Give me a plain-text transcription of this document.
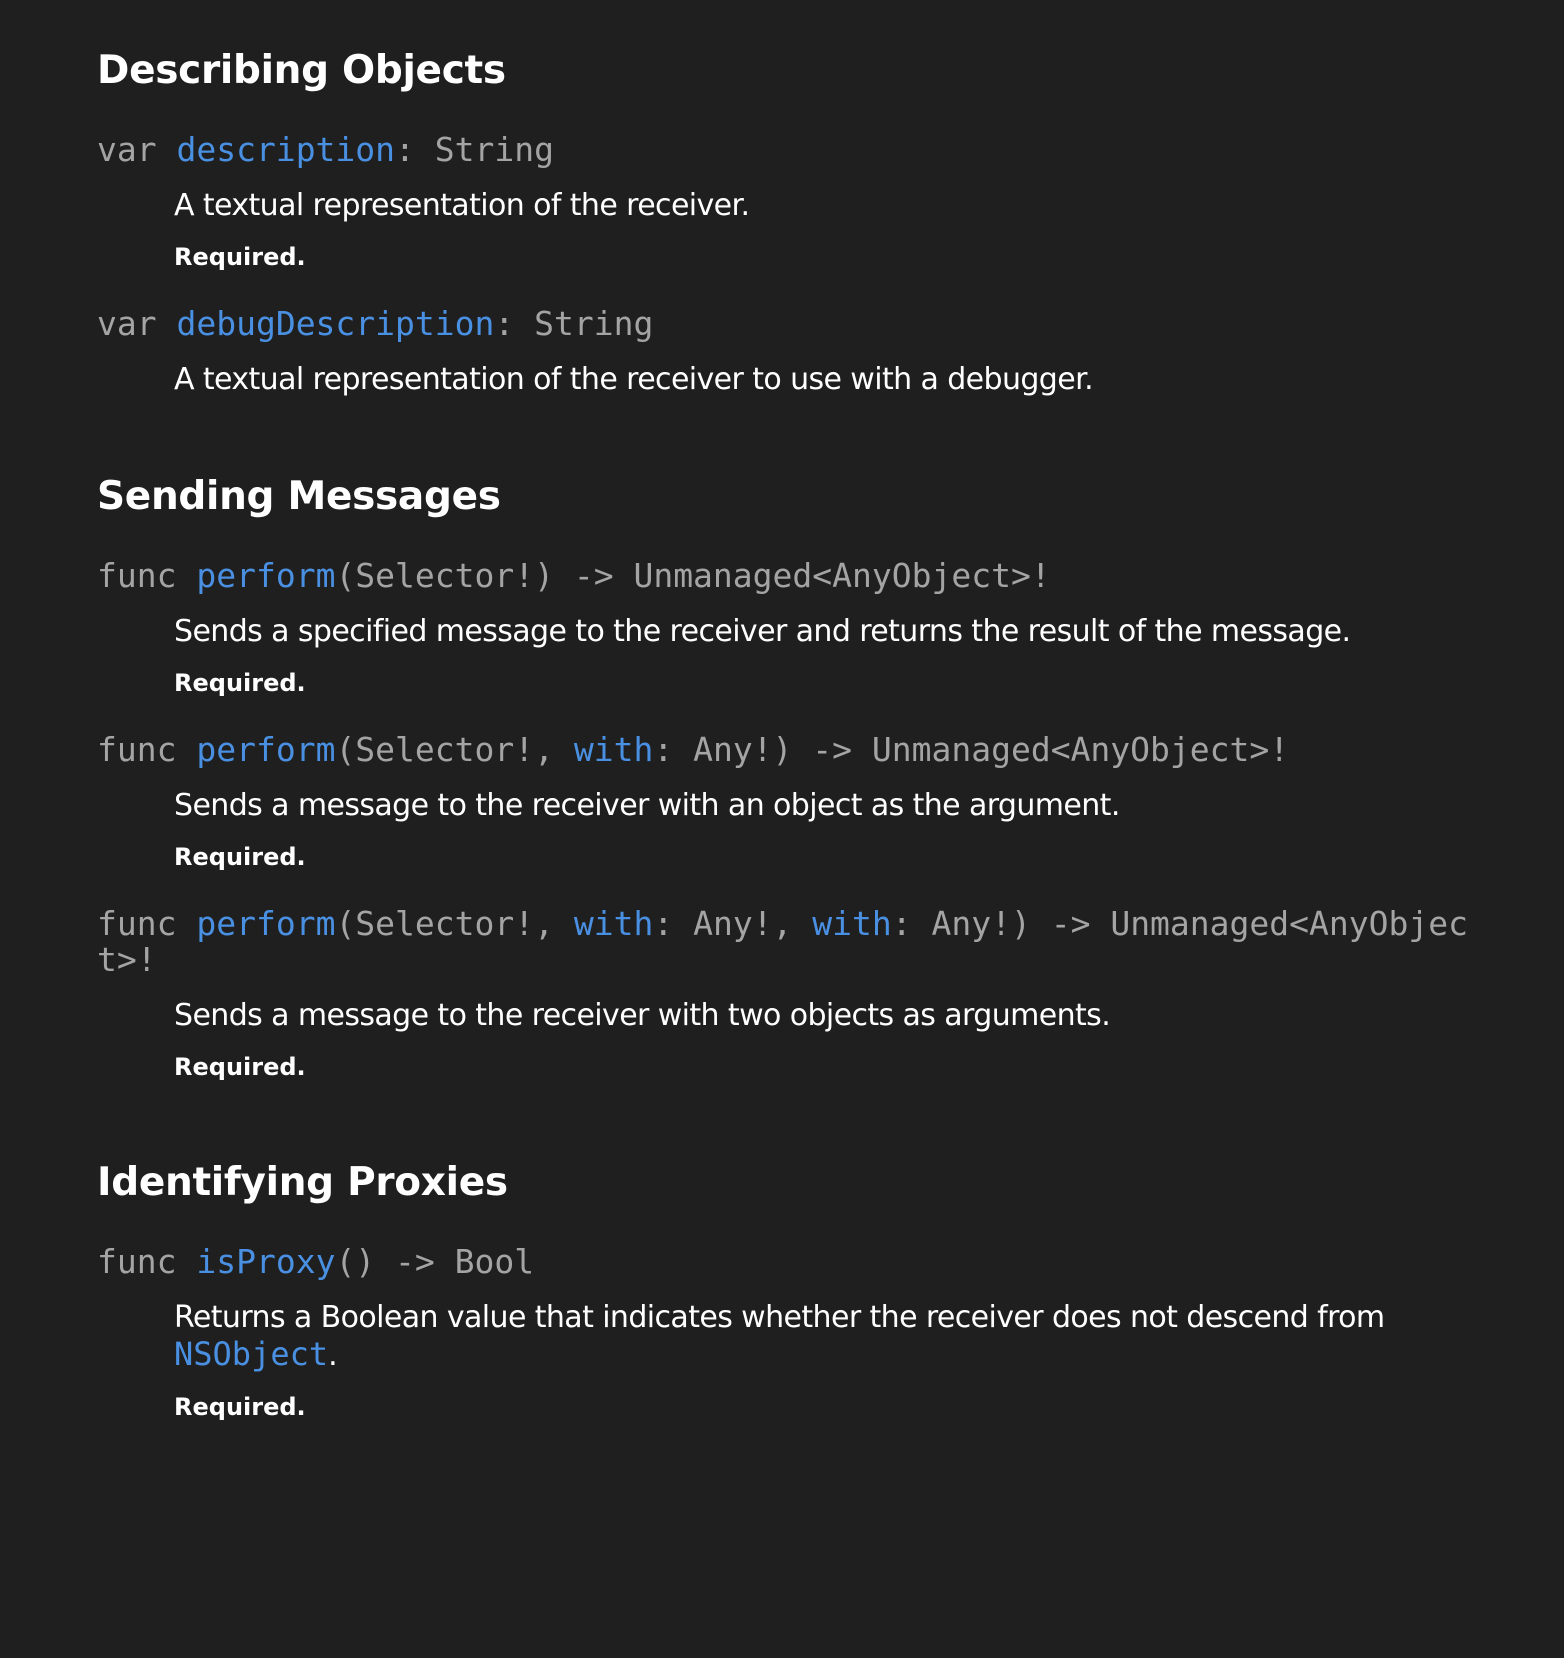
Describing Objects
var description: String
A textual representation of the receiver.
Required.
var debugDescription: String
A textual representation of the receiver to use with a debugger.
Sending Messages
func perform(Selector!) -> Unmanaged<AnyObject>!
Sends a specified message to the receiver and returns the result of the message.
Required.
func perform(Selector!, with: Any!) -> Unmanaged<AnyObject>!
Sends a message to the receiver with an object as the argument.
Required.
func perform(Selector!, with: Any!, with: Any!) -> Unmanaged<AnyObject>!
Sends a message to the receiver with two objects as arguments.
Required.
Identifying Proxies
func isProxy() -> Bool
Returns a Boolean value that indicates whether the receiver does not descend from NSObject.
Required.
